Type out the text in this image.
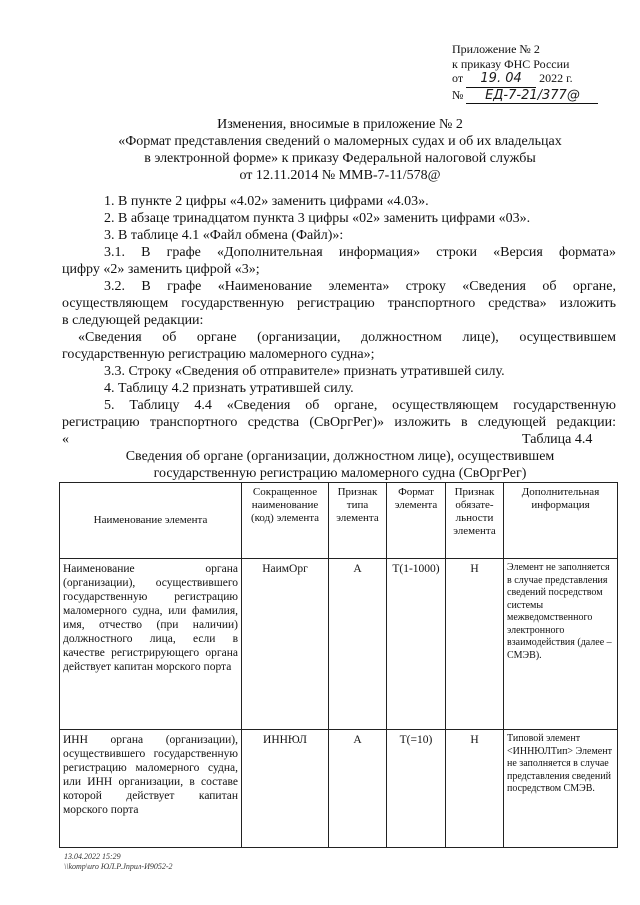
Приложение № 2
к приказу ФНС России
от 19. 04 2022 г.
№ ЕД-7-21/377@
Изменения, вносимые в приложение № 2
«Формат представления сведений о маломерных судах и об их владельцах
в электронной форме» к приказу Федеральной налоговой службы
от 12.11.2014 № ММВ-7-11/578@
1. В пункте 2 цифры «4.02» заменить цифрами «4.03».
2. В абзаце тринадцатом пункта 3 цифры «02» заменить цифрами «03».
3. В таблице 4.1 «Файл обмена (Файл)»:
3.1. В графе «Дополнительная информация» строки «Версия формата»
цифру «2» заменить цифрой «3»;
3.2. В графе «Наименование элемента» строку «Сведения об органе,
осуществляющем государственную регистрацию транспортного средства» изложить
в следующей редакции:
«Сведения об органе (организации, должностном лице), осуществившем
государственную регистрацию маломерного судна»;
3.3. Строку «Сведения об отправителе» признать утратившей силу.
4. Таблицу 4.2 признать утратившей силу.
5. Таблицу 4.4 «Сведения об органе, осуществляющем государственную
регистрацию транспортного средства (СвОргРег)» изложить в следующей редакции:
«	Таблица 4.4
Сведения об органе (организации, должностном лице), осуществившем
государственную регистрацию маломерного судна (СвОргРег)
Наименование элемента	Сокращенное наименование (код) элемента	Признак типа элемента	Формат элемента	Признак обязате-льности элемента	Дополнительная информация
Наименование органа (организации), осуществившего государственную регистрацию маломерного судна, или фамилия, имя, отчество (при наличии) должностного лица, если в качестве регистрирующего органа действует капитан морского порта	НаимОрг	А	Т(1-1000)	Н	Элемент не заполняется в случае представления сведений посредством системы межведомственного электронного взаимодействия (далее – СМЭВ).
ИНН органа (организации), осуществившего государственную регистрацию маломерного судна, или ИНН организации, в составе которой действует капитан морского порта	ИННЮЛ	А	Т(=10)	Н	Типовой элемент <ИННЮЛТип> Элемент не заполняется в случае представления сведений посредством СМЭВ.
13.04.2022 15:29
\\komp\uro ЮЛ.Р.Jnpuл-И9052-2
